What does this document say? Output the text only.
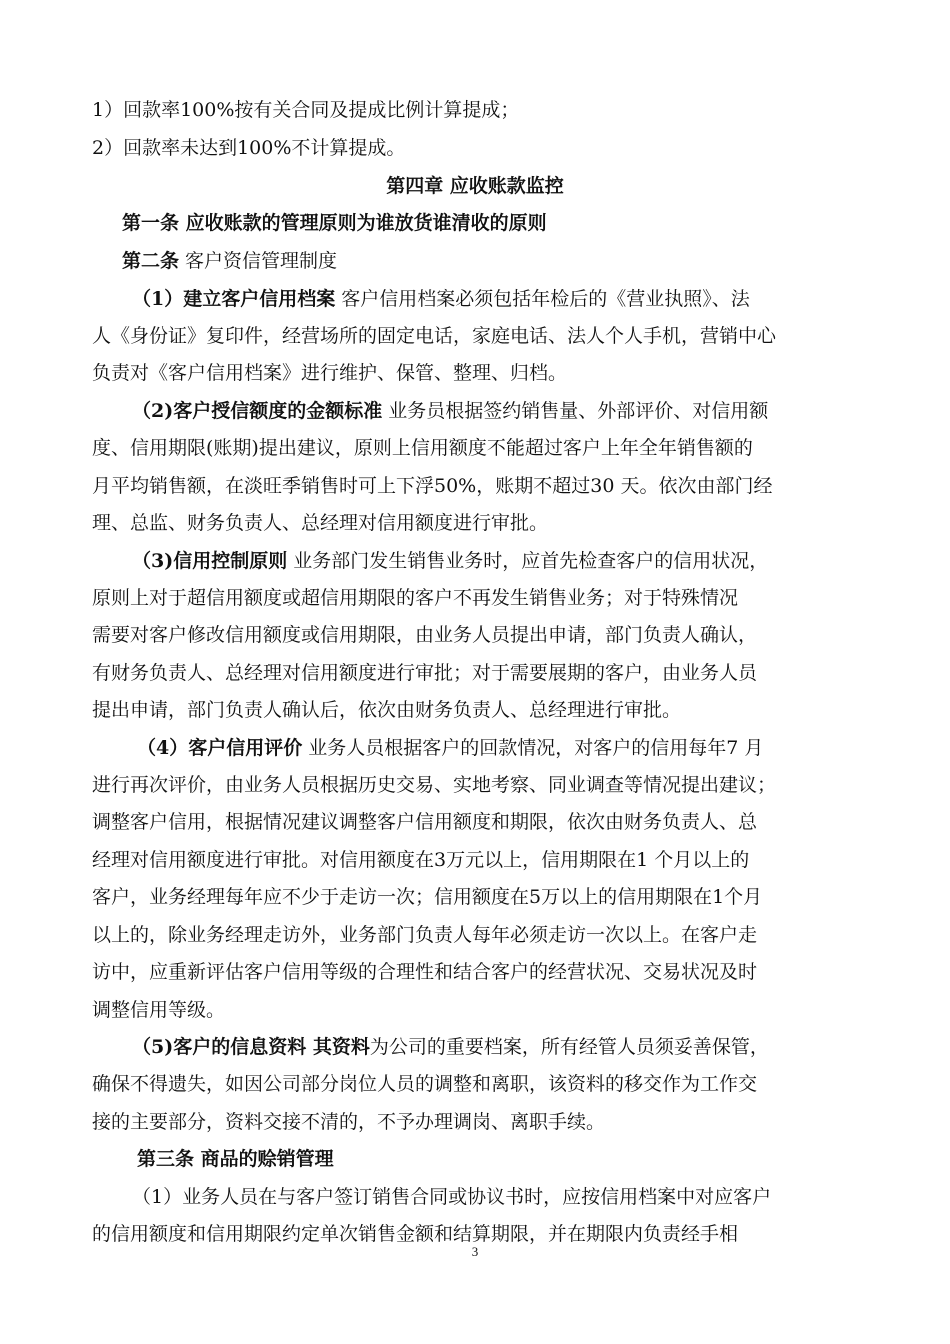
1）回款率100%按有关合同及提成比例计算提成；
2）回款率未达到100%不计算提成。
第四章 应收账款监控
第一条 应收账款的管理原则为谁放货谁清收的原则
第二条 客户资信管理制度
（1）建立客户信用档案 客户信用档案必须包括年检后的《营业执照》、法
人《身份证》复印件，经营场所的固定电话，家庭电话、法人个人手机，营销中心
负责对《客户信用档案》进行维护、保管、整理、归档。
（2)客户授信额度的金额标准 业务员根据签约销售量、外部评价、对信用额
度、信用期限(账期)提出建议，原则上信用额度不能超过客户上年全年销售额的
月平均销售额，在淡旺季销售时可上下浮50%，账期不超过30 天。依次由部门经
理、总监、财务负责人、总经理对信用额度进行审批。
（3)信用控制原则 业务部门发生销售业务时，应首先检查客户的信用状况，
原则上对于超信用额度或超信用期限的客户不再发生销售业务；对于特殊情况
需要对客户修改信用额度或信用期限，由业务人员提出申请，部门负责人确认，
有财务负责人、总经理对信用额度进行审批；对于需要展期的客户，由业务人员
提出申请，部门负责人确认后，依次由财务负责人、总经理进行审批。
（4）客户信用评价 业务人员根据客户的回款情况，对客户的信用每年7 月
进行再次评价，由业务人员根据历史交易、实地考察、同业调查等情况提出建议；
调整客户信用，根据情况建议调整客户信用额度和期限，依次由财务负责人、总
经理对信用额度进行审批。对信用额度在3万元以上，信用期限在1 个月以上的
客户，业务经理每年应不少于走访一次；信用额度在5万以上的信用期限在1个月
以上的，除业务经理走访外，业务部门负责人每年必须走访一次以上。在客户走
访中，应重新评估客户信用等级的合理性和结合客户的经营状况、交易状况及时
调整信用等级。
（5)客户的信息资料 其资料为公司的重要档案，所有经管人员须妥善保管，
确保不得遗失，如因公司部分岗位人员的调整和离职，该资料的移交作为工作交
接的主要部分，资料交接不清的，不予办理调岗、离职手续。
第三条 商品的赊销管理
（1）业务人员在与客户签订销售合同或协议书时，应按信用档案中对应客户
的信用额度和信用期限约定单次销售金额和结算期限，并在期限内负责经手相
3
